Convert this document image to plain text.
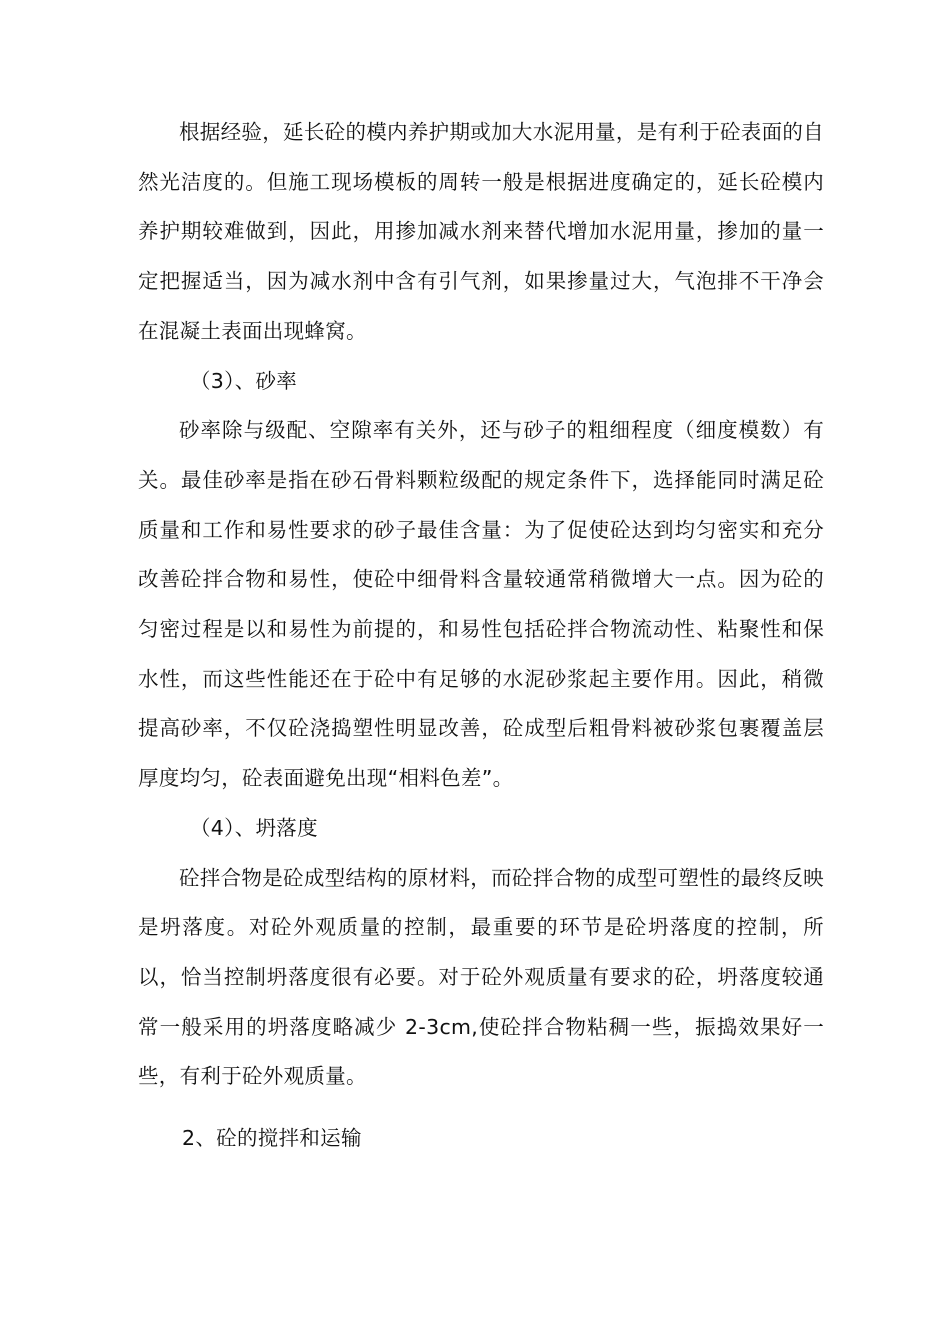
根据经验，延长砼的模内养护期或加大水泥用量，是有利于砼表面的自然光洁度的。但施工现场模板的周转一般是根据进度确定的，延长砼模内养护期较难做到，因此，用掺加减水剂来替代增加水泥用量，掺加的量一定把握适当，因为减水剂中含有引气剂，如果掺量过大，气泡排不干净会在混凝土表面出现蜂窝。

（3）、砂率

砂率除与级配、空隙率有关外，还与砂子的粗细程度（细度模数）有关。最佳砂率是指在砂石骨料颗粒级配的规定条件下，选择能同时满足砼质量和工作和易性要求的砂子最佳含量：为了促使砼达到均匀密实和充分改善砼拌合物和易性，使砼中细骨料含量较通常稍微增大一点。因为砼的匀密过程是以和易性为前提的，和易性包括砼拌合物流动性、粘聚性和保水性，而这些性能还在于砼中有足够的水泥砂浆起主要作用。因此，稍微提高砂率，不仅砼浇捣塑性明显改善，砼成型后粗骨料被砂浆包裹覆盖层厚度均匀，砼表面避免出现“相料色差”。

（4）、坍落度

砼拌合物是砼成型结构的原材料，而砼拌合物的成型可塑性的最终反映是坍落度。对砼外观质量的控制，最重要的环节是砼坍落度的控制，所以，恰当控制坍落度很有必要。对于砼外观质量有要求的砼，坍落度较通常一般采用的坍落度略减少 2-3cm,使砼拌合物粘稠一些，振捣效果好一些，有利于砼外观质量。

2、砼的搅拌和运输
